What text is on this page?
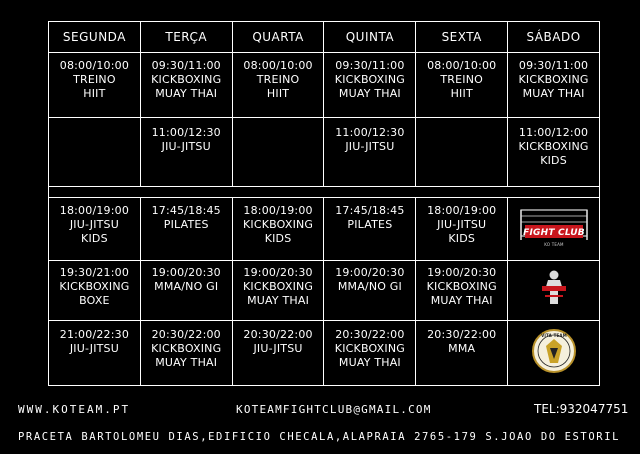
SEGUNDA	TERÇA	QUARTA	QUINTA	SEXTA	SÁBADO

08:00/10:00
TREINO
HIIT	09:30/11:00
KICKBOXING
MUAY THAI	08:00/10:00
TREINO
HIIT	09:30/11:00
KICKBOXING
MUAY THAI	08:00/10:00
TREINO
HIIT	09:30/11:00
KICKBOXING
MUAY THAI

	11:00/12:30
JIU-JITSU		11:00/12:30
JIU-JITSU		11:00/12:00
KICKBOXING
KIDS

18:00/19:00
JIU-JITSU
KIDS	17:45/18:45
PILATES	18:00/19:00
KICKBOXING
KIDS	17:45/18:45
PILATES	18:00/19:00
JIU-JITSU
KIDS	FIGHT CLUB
KO TEAM

19:30/21:00
KICKBOXING
BOXE	19:00/20:30
MMA/NO GI	19:00/20:30
KICKBOXING
MUAY THAI	19:00/20:30
MMA/NO GI	19:00/20:30
KICKBOXING
MUAY THAI

21:00/22:30
JIU-JITSU	20:30/22:00
KICKBOXING
MUAY THAI	20:30/22:00
JIU-JITSU	20:30/22:00
KICKBOXING
MUAY THAI	20:30/22:00
MMA	VITA TEAM
WWW.KOTEAM.PT	KOTEAMFIGHTCLUB@GMAIL.COM	TEL:932047751
PRACETA BARTOLOMEU DIAS,EDIFICIO CHECALA,ALAPRAIA 2765-179 S.JOAO DO ESTORIL
